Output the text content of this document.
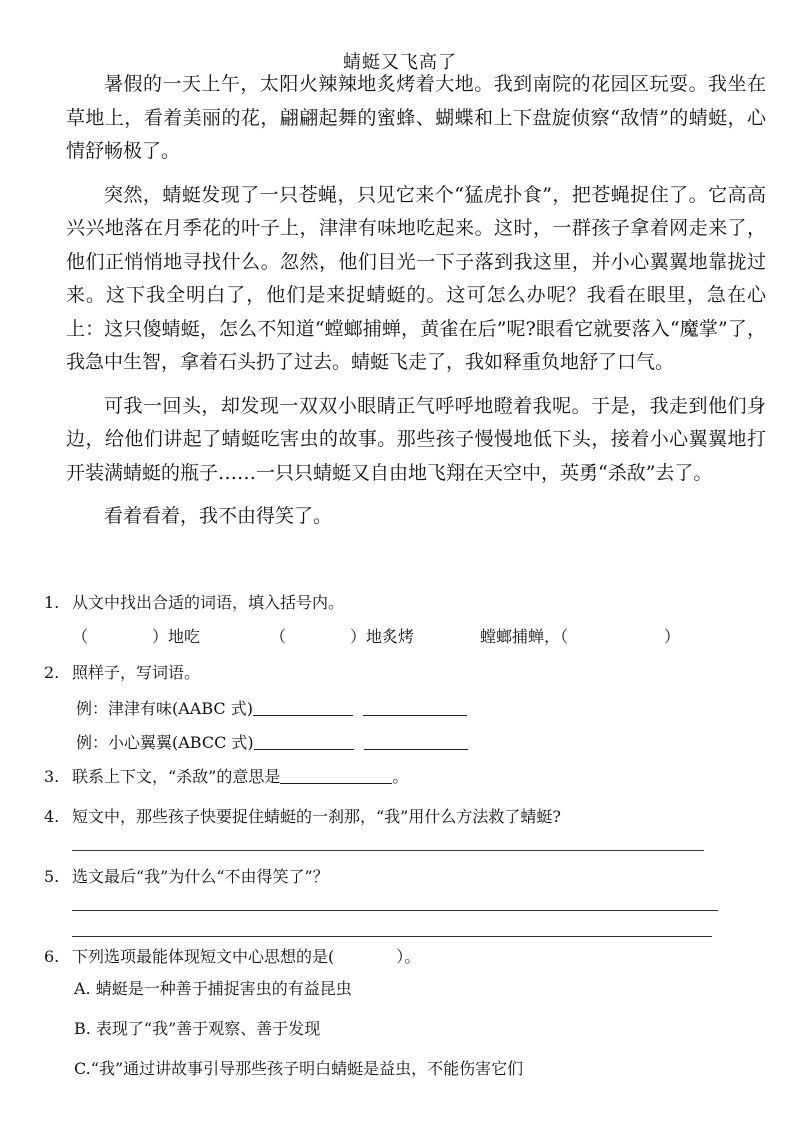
蜻蜓又飞高了

暑假的一天上午，太阳火辣辣地炙烤着大地。我到南院的花园区玩耍。我坐在草地上，看着美丽的花，翩翩起舞的蜜蜂、蝴蝶和上下盘旋侦察“敌情”的蜻蜓，心情舒畅极了。

突然，蜻蜓发现了一只苍蝇，只见它来个“猛虎扑食”，把苍蝇捉住了。它高高兴兴地落在月季花的叶子上，津津有味地吃起来。这时，一群孩子拿着网走来了，他们正悄悄地寻找什么。忽然，他们目光一下子落到我这里，并小心翼翼地靠拢过来。这下我全明白了，他们是来捉蜻蜓的。这可怎么办呢？我看在眼里，急在心上：这只傻蜻蜓，怎么不知道“螳螂捕蝉，黄雀在后”呢?眼看它就要落入“魔掌”了，我急中生智，拿着石头扔了过去。蜻蜓飞走了，我如释重负地舒了口气。

可我一回头，却发现一双双小眼睛正气呼呼地瞪着我呢。于是，我走到他们身边，给他们讲起了蜻蜓吃害虫的故事。那些孩子慢慢地低下头，接着小心翼翼地打开装满蜻蜓的瓶子……一只只蜻蜓又自由地飞翔在天空中，英勇“杀敌”去了。

看着看着，我不由得笑了。

1. 从文中找出合适的词语，填入括号内。
（	）地吃	（	）地炙烤	螳螂捕蝉，（	）
2. 照样子，写词语。
例：津津有味(AABC 式)
例：小心翼翼(ABCC 式)
3. 联系上下文，“杀敌”的意思是	。
4. 短文中，那些孩子快要捉住蜻蜓的一刹那，“我”用什么方法救了蜻蜓?
5. 选文最后“我”为什么“不由得笑了”？
6. 下列选项最能体现短文中心思想的是(	）。
A. 蜻蜓是一种善于捕捉害虫的有益昆虫
B. 表现了“我”善于观察、善于发现
C.“我”通过讲故事引导那些孩子明白蜻蜓是益虫，不能伤害它们
